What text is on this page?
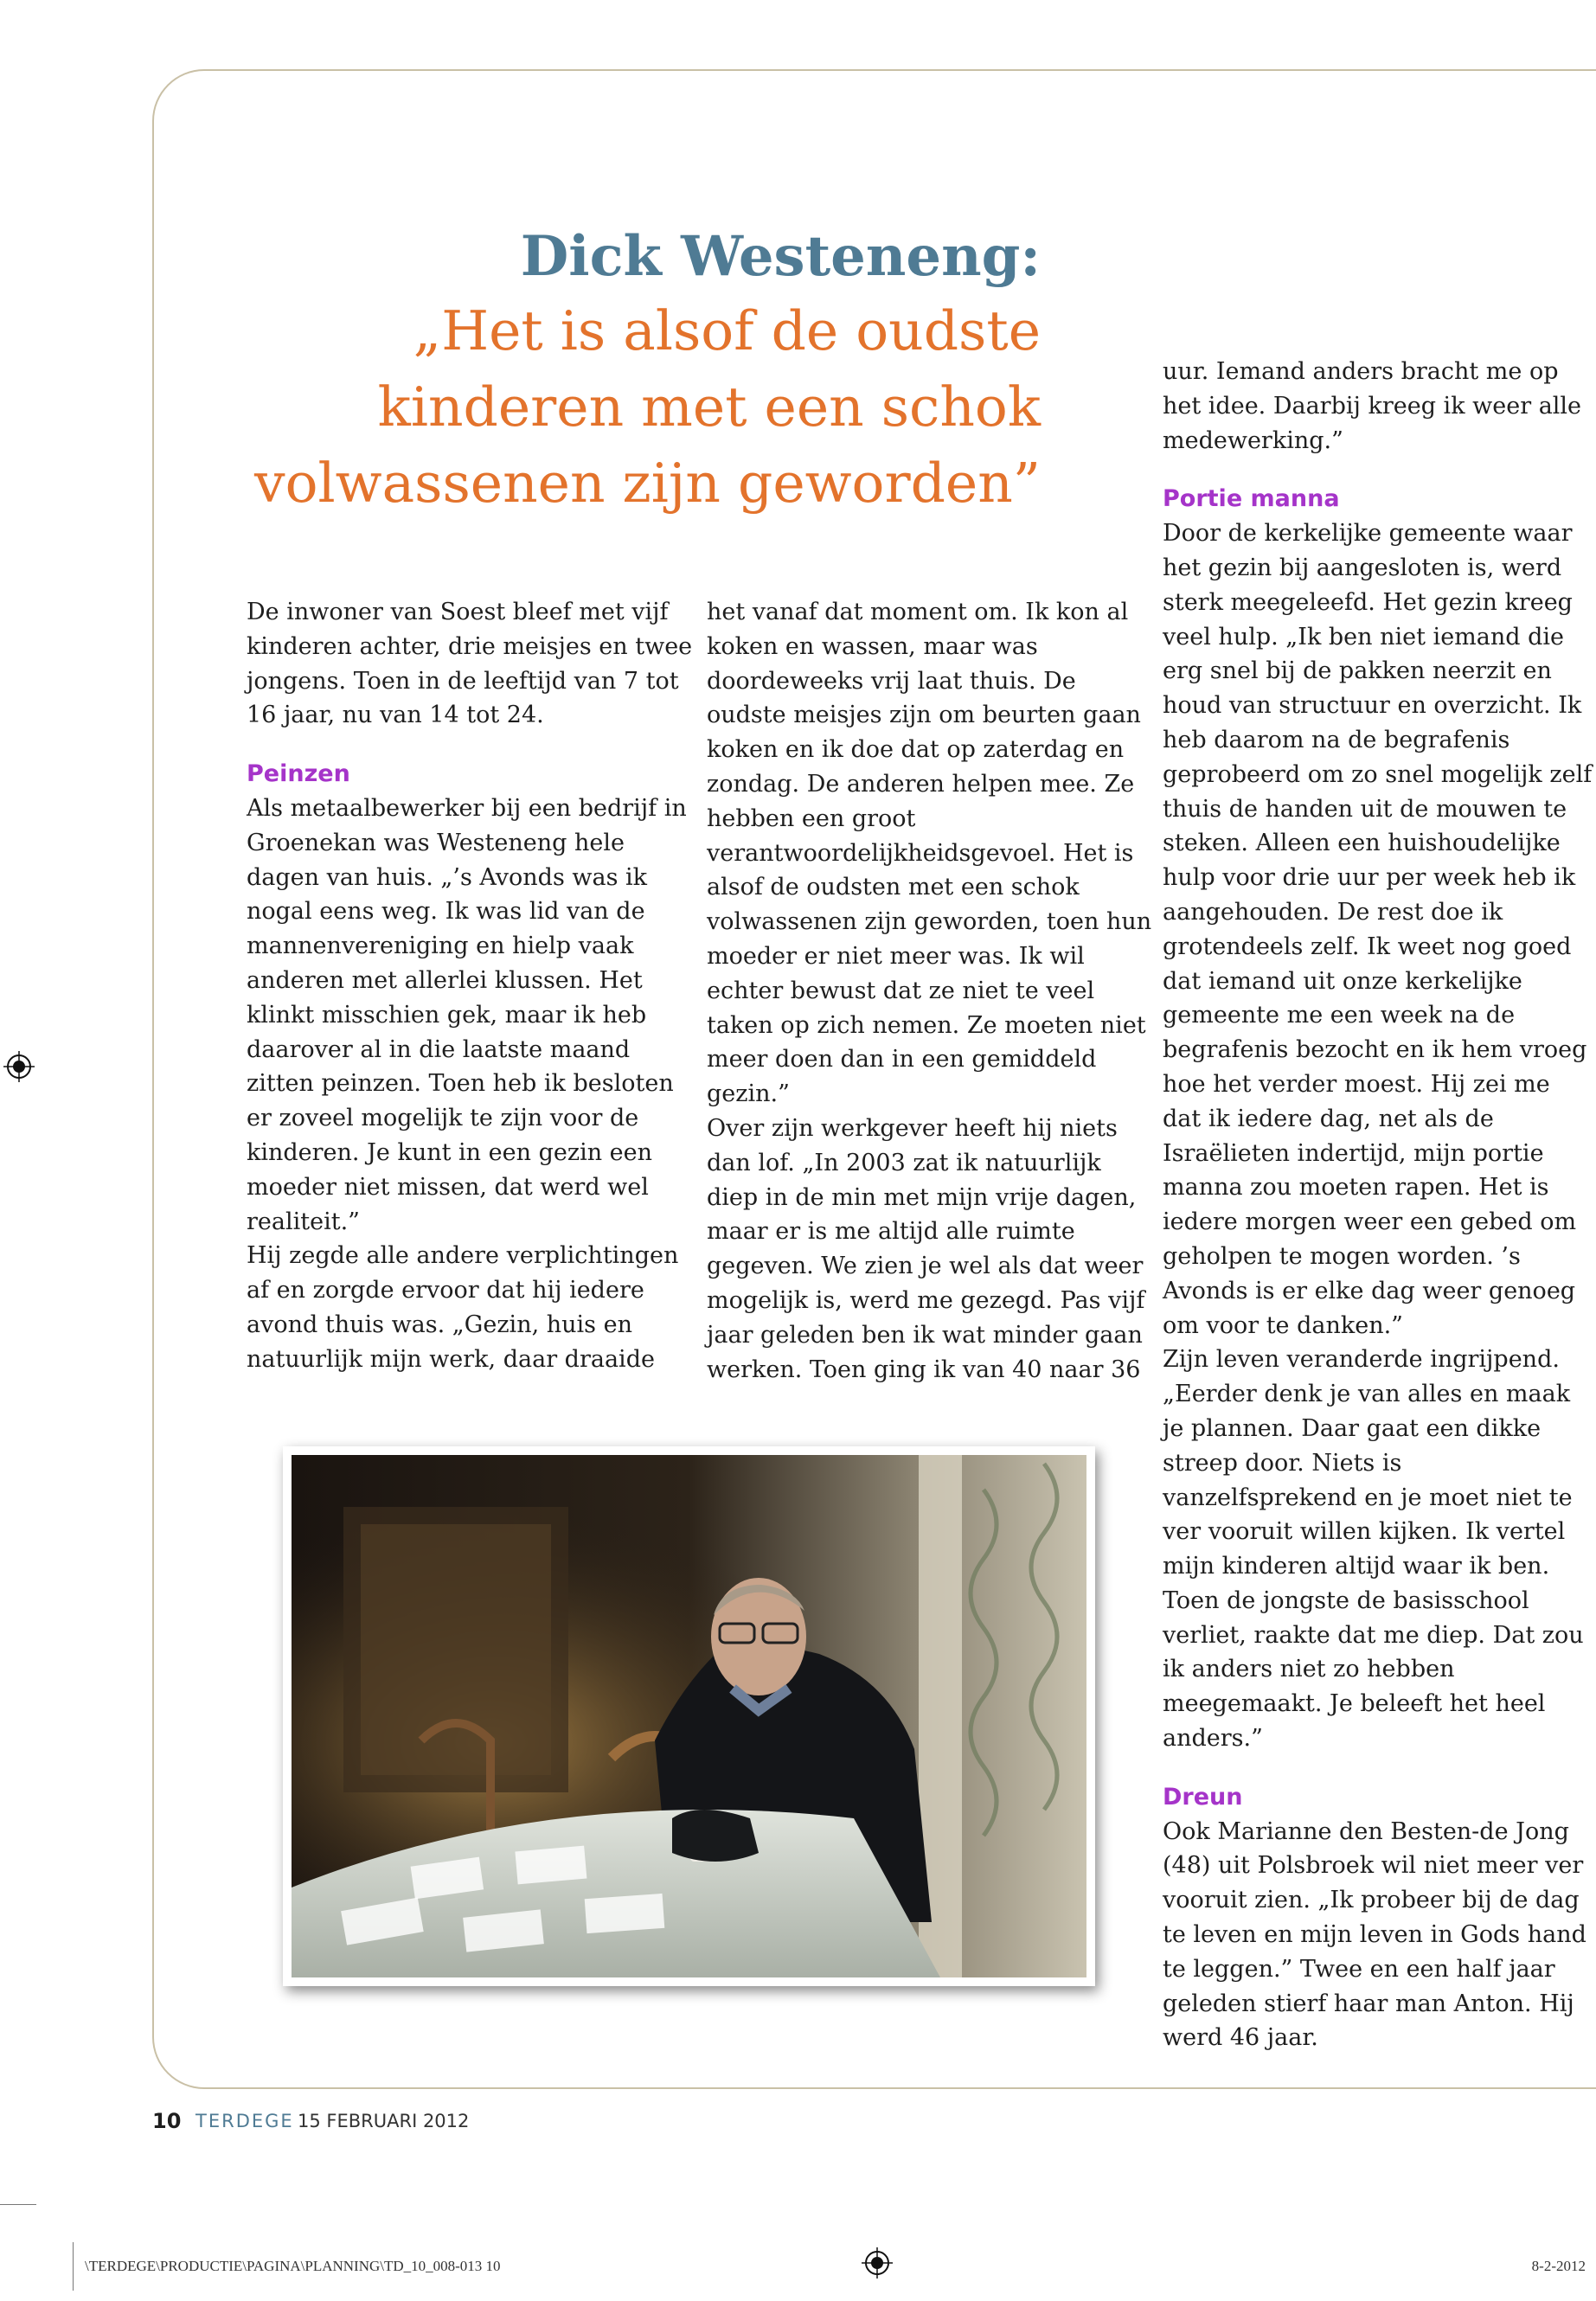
Dick Westeneng:
„Het is alsof de oudste
kinderen met een schok
volwassenen zijn geworden”

De inwoner van Soest bleef met vijf kinderen achter, drie meisjes en twee jongens. Toen in de leeftijd van 7 tot 16 jaar, nu van 14 tot 24.

Peinzen

Als metaalbewerker bij een bedrijf in Groenekan was Westeneng hele dagen van huis. „’s Avonds was ik nogal eens weg. Ik was lid van de mannenvereniging en hielp vaak anderen met allerlei klussen. Het klinkt misschien gek, maar ik heb daarover al in die laatste maand zitten peinzen. Toen heb ik besloten er zoveel mogelijk te zijn voor de kinderen. Je kunt in een gezin een moeder niet missen, dat werd wel realiteit.”

Hij zegde alle andere verplichtingen af en zorgde ervoor dat hij iedere avond thuis was. „Gezin, huis en natuurlijk mijn werk, daar draaide

het vanaf dat moment om. Ik kon al koken en wassen, maar was doordeweeks vrij laat thuis. De oudste meisjes zijn om beurten gaan koken en ik doe dat op zaterdag en zondag. De anderen helpen mee. Ze hebben een groot verantwoordelijkheidsgevoel. Het is alsof de oudsten met een schok volwassenen zijn geworden, toen hun moeder er niet meer was. Ik wil echter bewust dat ze niet te veel taken op zich nemen. Ze moeten niet meer doen dan in een gemiddeld gezin.”

Over zijn werkgever heeft hij niets dan lof. „In 2003 zat ik natuurlijk diep in de min met mijn vrije dagen, maar er is me altijd alle ruimte gegeven. We zien je wel als dat weer mogelijk is, werd me gezegd. Pas vijf jaar geleden ben ik wat minder gaan werken. Toen ging ik van 40 naar 36

uur. Iemand anders bracht me op het idee. Daarbij kreeg ik weer alle medewerking.”

Portie manna

Door de kerkelijke gemeente waar het gezin bij aangesloten is, werd sterk meegeleefd. Het gezin kreeg veel hulp. „Ik ben niet iemand die erg snel bij de pakken neerzit en houd van structuur en overzicht. Ik heb daarom na de begrafenis geprobeerd om zo snel mogelijk zelf thuis de handen uit de mouwen te steken. Alleen een huishoudelijke hulp voor drie uur per week heb ik aangehouden. De rest doe ik grotendeels zelf. Ik weet nog goed dat iemand uit onze kerkelijke gemeente me een week na de begrafenis bezocht en ik hem vroeg hoe het verder moest. Hij zei me dat ik iedere dag, net als de Israëlieten indertijd, mijn portie manna zou moeten rapen. Het is iedere morgen weer een gebed om geholpen te mogen worden. ’s Avonds is er elke dag weer genoeg om voor te danken.”

Zijn leven veranderde ingrijpend. „Eerder denk je van alles en maak je plannen. Daar gaat een dikke streep door. Niets is vanzelfsprekend en je moet niet te ver vooruit willen kijken. Ik vertel mijn kinderen altijd waar ik ben. Toen de jongste de basisschool verliet, raakte dat me diep. Dat zou ik anders niet zo hebben meegemaakt. Je beleeft het heel anders.”

Dreun

Ook Marianne den Besten-de Jong (48) uit Polsbroek wil niet meer ver vooruit zien. „Ik probeer bij de dag te leven en mijn leven in Gods hand te leggen.” Twee en een half jaar geleden stierf haar man Anton. Hij werd 46 jaar.

10 TERDEGE 15 FEBRUARI 2012
\TERDEGE\PRODUCTIE\PAGINA\PLANNING\TD_10_008-013 10	8-2-2012
